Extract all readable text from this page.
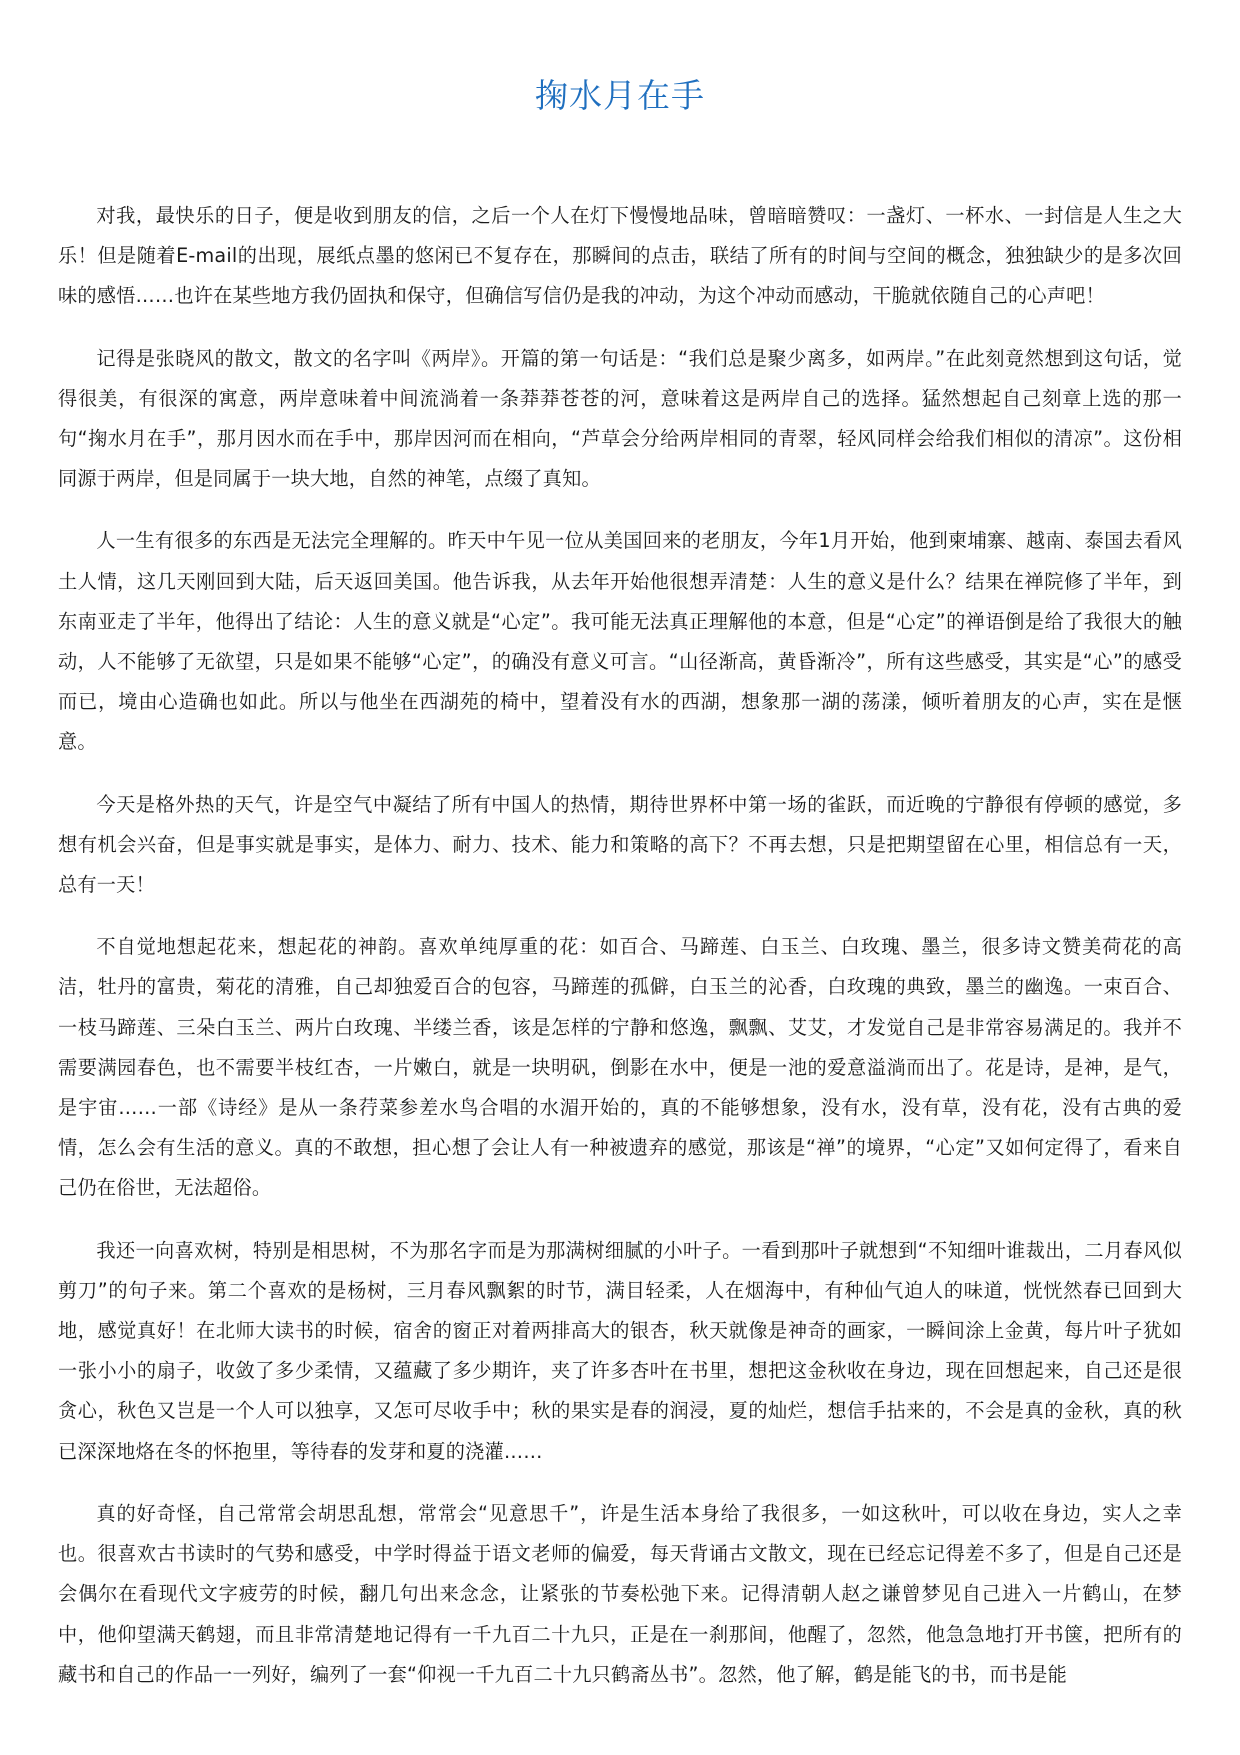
掬水月在手

对我，最快乐的日子，便是收到朋友的信，之后一个人在灯下慢慢地品味，曾暗暗赞叹：一盏灯、一杯水、一封信是人生之大乐！但是随着E-mail的出现，展纸点墨的悠闲已不复存在，那瞬间的点击，联结了所有的时间与空间的概念，独独缺少的是多次回味的感悟……也许在某些地方我仍固执和保守，但确信写信仍是我的冲动，为这个冲动而感动，干脆就依随自己的心声吧！

记得是张晓风的散文，散文的名字叫《两岸》。开篇的第一句话是：“我们总是聚少离多，如两岸。”在此刻竟然想到这句话，觉得很美，有很深的寓意，两岸意味着中间流淌着一条莽莽苍苍的河，意味着这是两岸自己的选择。猛然想起自己刻章上选的那一句“掬水月在手”，那月因水而在手中，那岸因河而在相向，“芦草会分给两岸相同的青翠，轻风同样会给我们相似的清凉”。这份相同源于两岸，但是同属于一块大地，自然的神笔，点缀了真知。

人一生有很多的东西是无法完全理解的。昨天中午见一位从美国回来的老朋友，今年1月开始，他到柬埔寨、越南、泰国去看风土人情，这几天刚回到大陆，后天返回美国。他告诉我，从去年开始他很想弄清楚：人生的意义是什么？结果在禅院修了半年，到东南亚走了半年，他得出了结论：人生的意义就是“心定”。我可能无法真正理解他的本意，但是“心定”的禅语倒是给了我很大的触动，人不能够了无欲望，只是如果不能够“心定”，的确没有意义可言。“山径渐高，黄昏渐冷”，所有这些感受，其实是“心”的感受而已，境由心造确也如此。所以与他坐在西湖苑的椅中，望着没有水的西湖，想象那一湖的荡漾，倾听着朋友的心声，实在是惬意。

今天是格外热的天气，许是空气中凝结了所有中国人的热情，期待世界杯中第一场的雀跃，而近晚的宁静很有停顿的感觉，多想有机会兴奋，但是事实就是事实，是体力、耐力、技术、能力和策略的高下？不再去想，只是把期望留在心里，相信总有一天，总有一天！

不自觉地想起花来，想起花的神韵。喜欢单纯厚重的花：如百合、马蹄莲、白玉兰、白玫瑰、墨兰，很多诗文赞美荷花的高洁，牡丹的富贵，菊花的清雅，自己却独爱百合的包容，马蹄莲的孤僻，白玉兰的沁香，白玫瑰的典致，墨兰的幽逸。一束百合、一枝马蹄莲、三朵白玉兰、两片白玫瑰、半缕兰香，该是怎样的宁静和悠逸，飘飘、艾艾，才发觉自己是非常容易满足的。我并不需要满园春色，也不需要半枝红杏，一片嫩白，就是一块明矾，倒影在水中，便是一池的爱意溢淌而出了。花是诗，是神，是气，是宇宙……一部《诗经》是从一条荇菜参差水鸟合唱的水湄开始的，真的不能够想象，没有水，没有草，没有花，没有古典的爱情，怎么会有生活的意义。真的不敢想，担心想了会让人有一种被遗弃的感觉，那该是“禅”的境界，“心定”又如何定得了，看来自己仍在俗世，无法超俗。

我还一向喜欢树，特别是相思树，不为那名字而是为那满树细腻的小叶子。一看到那叶子就想到“不知细叶谁裁出，二月春风似剪刀”的句子来。第二个喜欢的是杨树，三月春风飘絮的时节，满目轻柔，人在烟海中，有种仙气迫人的味道，恍恍然春已回到大地，感觉真好！在北师大读书的时候，宿舍的窗正对着两排高大的银杏，秋天就像是神奇的画家，一瞬间涂上金黄，每片叶子犹如一张小小的扇子，收敛了多少柔情，又蕴藏了多少期许，夹了许多杏叶在书里，想把这金秋收在身边，现在回想起来，自己还是很贪心，秋色又岂是一个人可以独享，又怎可尽收手中；秋的果实是春的润浸，夏的灿烂，想信手拈来的，不会是真的金秋，真的秋已深深地烙在冬的怀抱里，等待春的发芽和夏的浇灌……

真的好奇怪，自己常常会胡思乱想，常常会“见意思千”，许是生活本身给了我很多，一如这秋叶，可以收在身边，实人之幸也。很喜欢古书读时的气势和感受，中学时得益于语文老师的偏爱，每天背诵古文散文，现在已经忘记得差不多了，但是自己还是会偶尔在看现代文字疲劳的时候，翻几句出来念念，让紧张的节奏松弛下来。记得清朝人赵之谦曾梦见自己进入一片鹤山，在梦中，他仰望满天鹤翅，而且非常清楚地记得有一千九百二十九只，正是在一刹那间，他醒了，忽然，他急急地打开书箧，把所有的藏书和自己的作品一一列好，编列了一套“仰视一千九百二十九只鹤斋丛书”。忽然，他了解，鹤是能飞的书，而书是能
